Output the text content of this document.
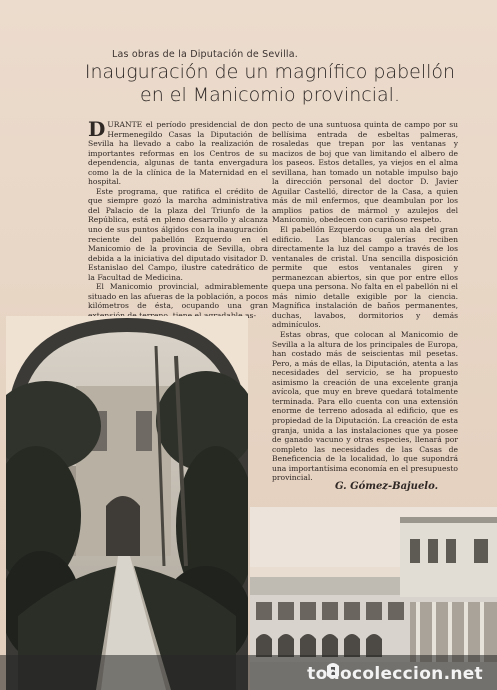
Las obras de la Diputación de Sevilla.
Inauguración de un magnífico pabellón
en el Manicomio provincial.

DURANTE el período presidencial de don Hermenegildo Casas la Diputación de Sevilla ha llevado a cabo la realización de importantes reformas en los Centros de su dependencia, algunas de tanta envergadura como la de la clínica de la Maternidad en el hospital.

Este programa, que ratifica el crédito de que siempre gozó la marcha administrativa del Palacio de la plaza del Triunfo de la República, está en pleno desarrollo y alcanza uno de sus puntos álgidos con la inauguración reciente del pabellón Ezquerdo en el Manicomio de la provincia de Sevilla, obra debida a la iniciativa del diputado visitador D. Estanislao del Campo, ilustre catedrático de la Facultad de Medicina.

El Manicomio provincial, admirablemente situado en las afueras de la población, a pocos kilómetros de ésta, ocupando una gran extensión de terreno, tiene el agradable as-

pecto de una suntuosa quinta de campo por su bellísima entrada de esbeltas palmeras, rosaledas que trepan por las ventanas y macizos de boj que van limitando el albero de los paseos. Estos detalles, ya viejos en el alma sevillana, han tomado un notable impulso bajo la dirección personal del doctor D. Javier Aguilar Castelló, director de la Casa, a quien más de mil enfermos, que deambulan por los amplios patios de mármol y azulejos del Manicomio, obedecen con cariñoso respeto.

El pabellón Ezquerdo ocupa un ala del gran edificio. Las blancas galerías reciben directamente la luz del campo a través de los ventanales de cristal. Una sencilla disposición permite que estos ventanales giren y permanezcan abiertos, sin que por entre ellos quepa una persona. No falta en el pabellón ni el más nimio detalle exigible por la ciencia. Magnífica instalación de baños permanentes, duchas, lavabos, dormitorios y demás adminículos.

Estas obras, que colocan al Manicomio de Sevilla a la altura de los principales de Europa, han costado más de seiscientas mil pesetas. Pero, a más de ellas, la Diputación, atenta a las necesidades del servicio, se ha propuesto asimismo la creación de una excelente granja avícola, que muy en breve quedará totalmente terminada. Para ello cuenta con una extensión enorme de terreno adosada al edificio, que es propiedad de la Diputación. La creación de esta granja, unida a las instalaciones que ya posee de ganado vacuno y otras especies, llenará por completo las necesidades de las Casas de Beneficencia de la localidad, lo que supondrá una importantísima economía en el presupuesto provincial.

G. Gómez-Bajuelo.
todocoleccion.net
